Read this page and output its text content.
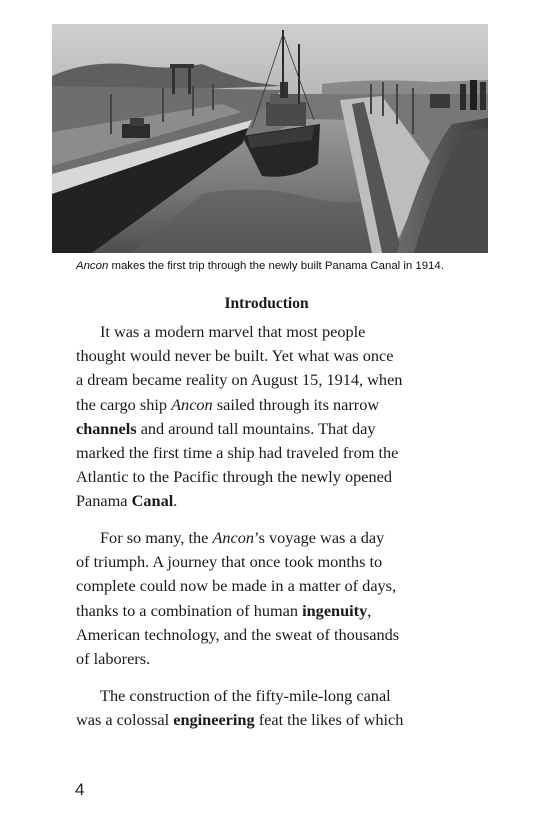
Ancon makes the first trip through the newly built Panama Canal in 1914.
Introduction
It was a modern marvel that most people
thought would never be built. Yet what was once
a dream became reality on August 15, 1914, when
the cargo ship Ancon sailed through its narrow
channels and around tall mountains. That day
marked the first time a ship had traveled from the
Atlantic to the Pacific through the newly opened
Panama Canal.
For so many, the Ancon’s voyage was a day
of triumph. A journey that once took months to
complete could now be made in a matter of days,
thanks to a combination of human ingenuity,
American technology, and the sweat of thousands
of laborers.
The construction of the fifty-mile-long canal
was a colossal engineering feat the likes of which
4
